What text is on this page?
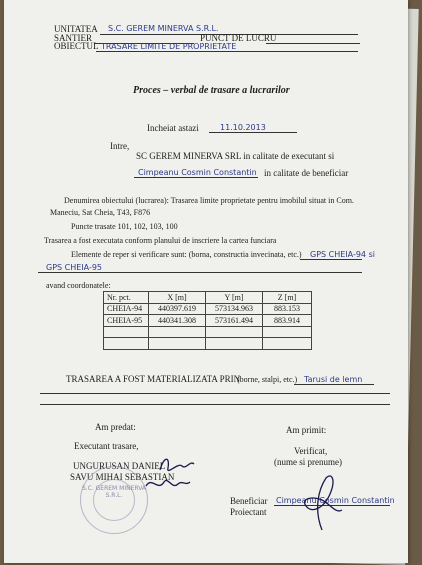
UNITATEA S.C. GEREM MINERVA S.R.L.
SANTIER	PUNCT DE LUCRU
OBIECTUL TRASARE LIMITE DE PROPRIETATE
Proces – verbal de trasare a lucrarilor
Incheiat astazi	11.10.2013
Intre,
SC GEREM MINERVA SRL in calitate de executant si
Cimpeanu Cosmin Constantin in calitate de beneficiar
Denumirea obiectului (lucrarea): Trasarea limite proprietate pentru imobilul situat in Com.
Maneciu, Sat Cheia, T43, F876
Puncte trasate 101, 102, 103, 100
Trasarea a fost executata conform planului de inscriere la cartea funciara
Elemente de reper si verificare sunt: (borna, constructia invecinata, etc.) GPS CHEIA-94 si
GPS CHEIA-95
avand coordonatele:
Nr. pct.	X [m]	Y [m]	Z [m]
CHEIA-94	440397.619	573134.963	883.153
CHEIA-95	440341.308	573161.494	883.914

TRASAREA A FOST MATERIALIZATA PRIN
(borne, stalpi, etc.) Tarusi de lemn
Am predat:
Executant trasare,
UNGURUSAN DANIEL
SAVU MIHAI SEBASTIAN
Am primit:
Verificat,
(nume si prenume)
Beneficiar
Proiectant
Cimpeanu Cosmin Constantin
S.C. GEREM MINERVA S.R.L.
